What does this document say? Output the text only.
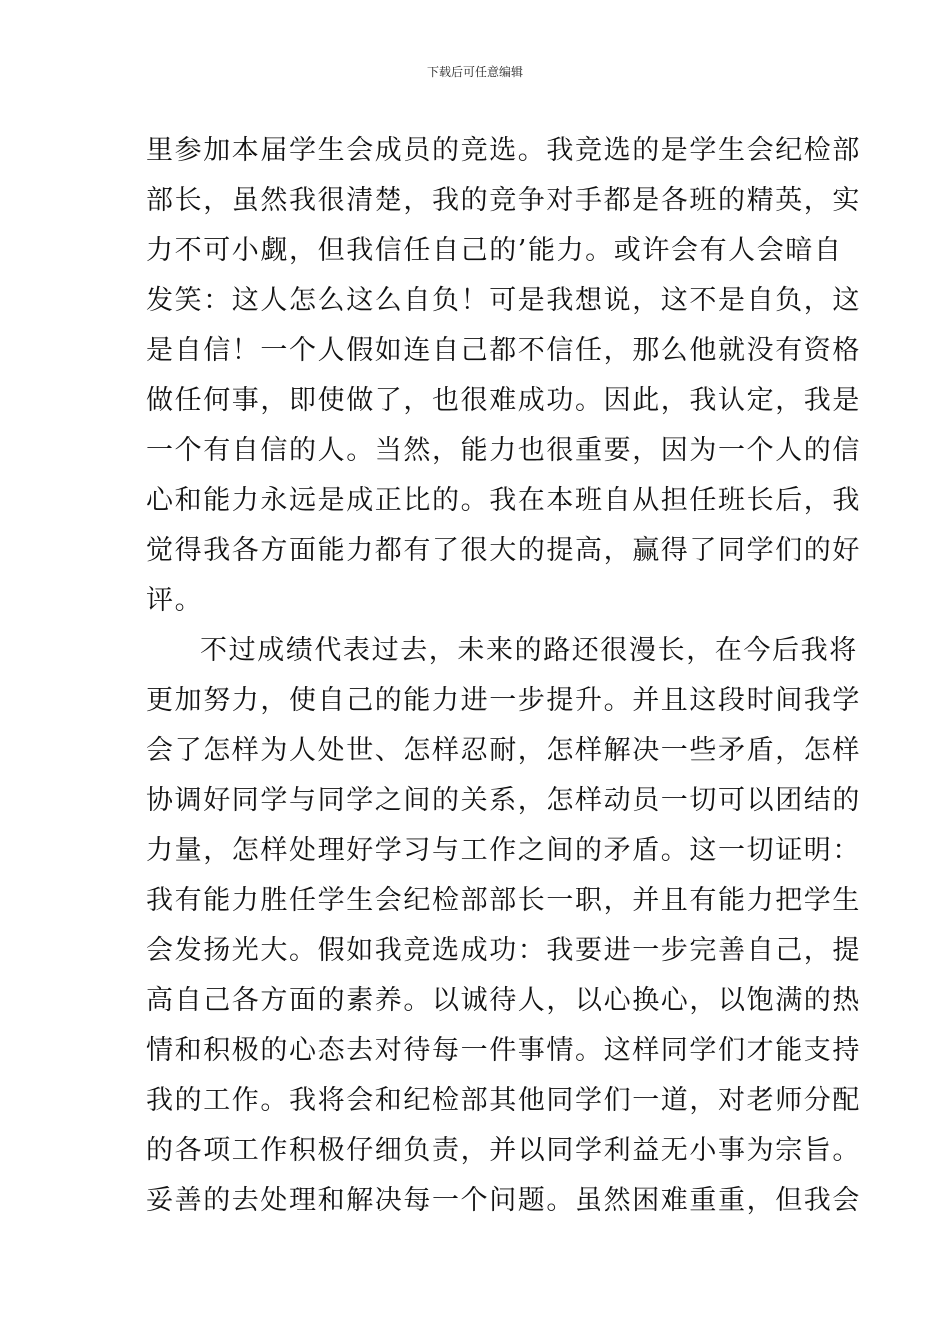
下载后可任意编辑
里参加本届学生会成员的竞选。我竞选的是学生会纪检部
部长，虽然我很清楚，我的竞争对手都是各班的精英，实
力不可小觑，但我信任自己的’能力。或许会有人会暗自
发笑：这人怎么这么自负！可是我想说，这不是自负，这
是自信！一个人假如连自己都不信任，那么他就没有资格
做任何事，即使做了，也很难成功。因此，我认定，我是
一个有自信的人。当然，能力也很重要，因为一个人的信
心和能力永远是成正比的。我在本班自从担任班长后，我
觉得我各方面能力都有了很大的提高，赢得了同学们的好
评。
不过成绩代表过去，未来的路还很漫长，在今后我将
更加努力，使自己的能力进一步提升。并且这段时间我学
会了怎样为人处世、怎样忍耐，怎样解决一些矛盾，怎样
协调好同学与同学之间的关系，怎样动员一切可以团结的
力量，怎样处理好学习与工作之间的矛盾。这一切证明：
我有能力胜任学生会纪检部部长一职，并且有能力把学生
会发扬光大。假如我竞选成功：我要进一步完善自己，提
高自己各方面的素养。以诚待人，以心换心，以饱满的热
情和积极的心态去对待每一件事情。这样同学们才能支持
我的工作。我将会和纪检部其他同学们一道，对老师分配
的各项工作积极仔细负责，并以同学利益无小事为宗旨。
妥善的去处理和解决每一个问题。虽然困难重重，但我会
